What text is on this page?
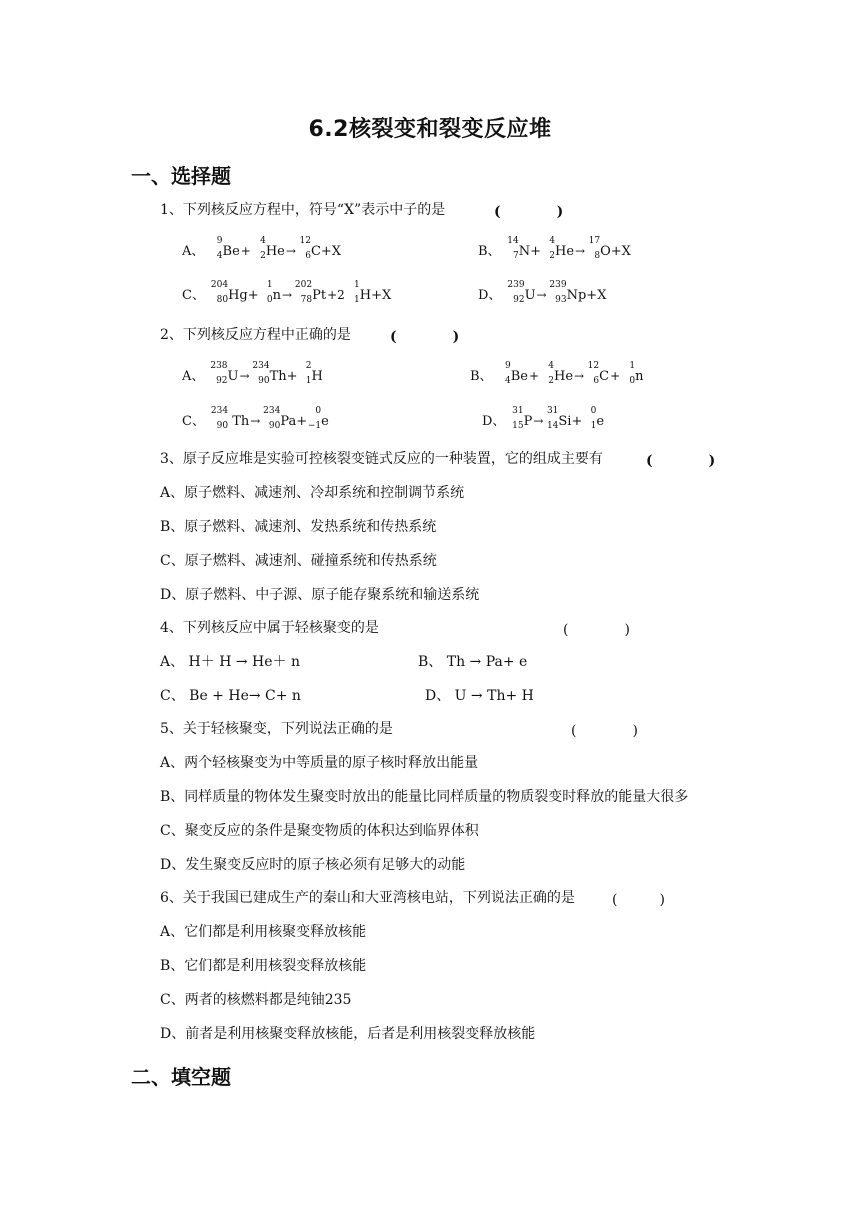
6.2核裂变和裂变反应堆
一、选择题
1、下列核反应方程中，符号“X”表示中子的是	(　　　　)
A、
9
4 Be+
4
2 He→
12
6 C+X	B、
14
7 N+
4
2 He→
17
8 O+X
C、
204
80 Hg+
1
0 n→
202
78 Pt+2
1
1 H+X	D、
239
92 U→
239
93 Np+X
2、下列核反应方程中正确的是	(　　　　)
A、
238
92 U→
234
90 Th+
2
1 H	B、
9
4 Be+
4
2 He→
12
6 C+
1
0 n
C、
234
90 Th→
234
90 Pa+
0
−1 e	D、
31
15 P→
31
14 Si+
0
1 e
3、原子反应堆是实验可控核裂变链式反应的一种装置，它的组成主要有	(　　　　)
A、原子燃料、减速剂、冷却系统和控制调节系统
B、原子燃料、减速剂、发热系统和传热系统
C、原子燃料、减速剂、碰撞系统和传热系统
D、原子燃料、中子源、原子能存聚系统和输送系统
4、下列核反应中属于轻核聚变的是	(　　　　)
A、 H＋ H → He＋ n	B、 Th → Pa+ e
C、 Be + He→ C+ n	D、 U → Th+ H
5、关于轻核聚变，下列说法正确的是	(　　　　)
A、两个轻核聚变为中等质量的原子核时释放出能量
B、同样质量的物体发生聚变时放出的能量比同样质量的物质裂变时释放的能量大很多
C、聚变反应的条件是聚变物质的体积达到临界体积
D、发生聚变反应时的原子核必须有足够大的动能
6、关于我国已建成生产的秦山和大亚湾核电站，下列说法正确的是	(　　　)
A、它们都是利用核聚变释放核能
B、它们都是利用核裂变释放核能
C、两者的核燃料都是纯铀235
D、前者是利用核聚变释放核能，后者是利用核裂变释放核能
二、填空题
